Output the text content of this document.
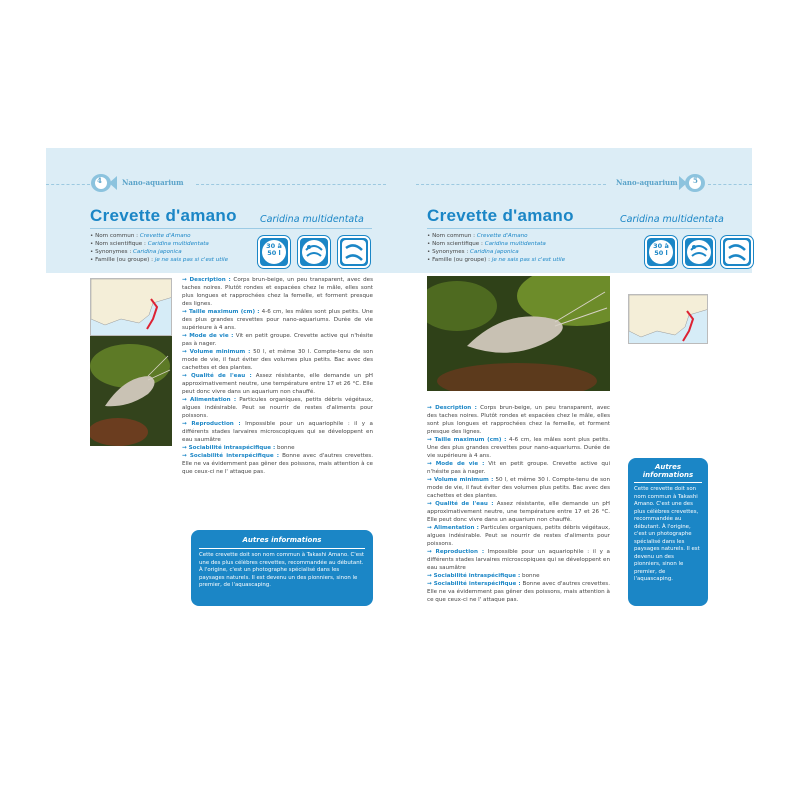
4	Nano-aquarium	Nano-aquarium 5
Crevette d'amano Caridina multidentata
• Nom commun : Crevette d'Amano
• Nom scientifique : Caridina multidentata
• Synonymes : Caridina japonica
• Famille (ou groupe) : je ne sais pas si c'est utile
30 à
50 l
→ Description : Corps brun-beige, un peu transparent, avec des taches noires. Plutôt rondes et espacées chez le mâle, elles sont plus longues et rapprochées chez la femelle, et forment presque des lignes.
→ Taille maximum (cm) : 4-6 cm, les mâles sont plus petits. Une des plus grandes crevettes pour nano-aquariums. Durée de vie supérieure à 4 ans.
→ Mode de vie : Vit en petit groupe. Crevette active qui n'hésite pas à nager.
→ Volume minimum : 50 l, et même 30 l. Compte-tenu de son mode de vie, il faut éviter des volumes plus petits. Bac avec des cachettes et des plantes.
→ Qualité de l'eau : Assez résistante, elle demande un pH approximativement neutre, une température entre 17 et 26 °C. Elle peut donc vivre dans un aquarium non chauffé.
→ Alimentation : Particules organiques, petits débris végétaux, algues indésirable. Peut se nourrir de restes d'aliments pour poissons.
→ Reproduction : Impossible pour un aquariophile : il y a différents stades larvaires microscopiques qui se développent en eau saumâtre
→ Sociabilité intraspécifique : bonne
→ Sociabilité interspécifique : Bonne avec d'autres crevettes. Elle ne va évidemment pas gêner des poissons, mais attention à ce que ceux-ci ne l' attaque pas.
Autres informations
Cette crevette doit son nom commun à Takashi Amano. C'est une des plus célèbres crevettes, recommandée au débutant. À l'origine, c'est un photographe spécialisé dans les paysages naturels. Il est devenu un des pionniers, sinon le premier, de l'aquascaping.
Crevette d'amano	Caridina multidentata
• Nom commun : Crevette d'Amano
• Nom scientifique : Caridina multidentata
• Synonymes : Caridina japonica
• Famille (ou groupe) : je ne sais pas si c'est utile
30 à
50 l
→ Description : Corps brun-beige, un peu transparent, avec des taches noires. Plutôt rondes et espacées chez le mâle, elles sont plus longues et rapprochées chez la femelle, et forment presque des lignes.
→ Taille maximum (cm) : 4-6 cm, les mâles sont plus petits. Une des plus grandes crevettes pour nano-aquariums. Durée de vie supérieure à 4 ans.
→ Mode de vie : Vit en petit groupe. Crevette active qui n'hésite pas à nager.
→ Volume minimum : 50 l, et même 30 l. Compte-tenu de son mode de vie, il faut éviter des volumes plus petits. Bac avec des cachettes et des plantes.
→ Qualité de l'eau : Assez résistante, elle demande un pH approximativement neutre, une température entre 17 et 26 °C. Elle peut donc vivre dans un aquarium non chauffé.
→ Alimentation : Particules organiques, petits débris végétaux, algues indésirable. Peut se nourrir de restes d'aliments pour poissons.
→ Reproduction : Impossible pour un aquariophile : il y a différents stades larvaires microscopiques qui se développent en eau saumâtre
→ Sociabilité intraspécifique : bonne
→ Sociabilité interspécifique : Bonne avec d'autres crevettes. Elle ne va évidemment pas gêner des poissons, mais attention à ce que ceux-ci ne l' attaque pas.
Autres informations
Cette crevette doit son nom commun à Takashi Amano. C'est une des plus célèbres crevettes, recommandée au débutant. À l'origine, c'est un photographe spécialisé dans les paysages naturels. Il est devenu un des pionniers, sinon le premier, de l'aquascaping.
